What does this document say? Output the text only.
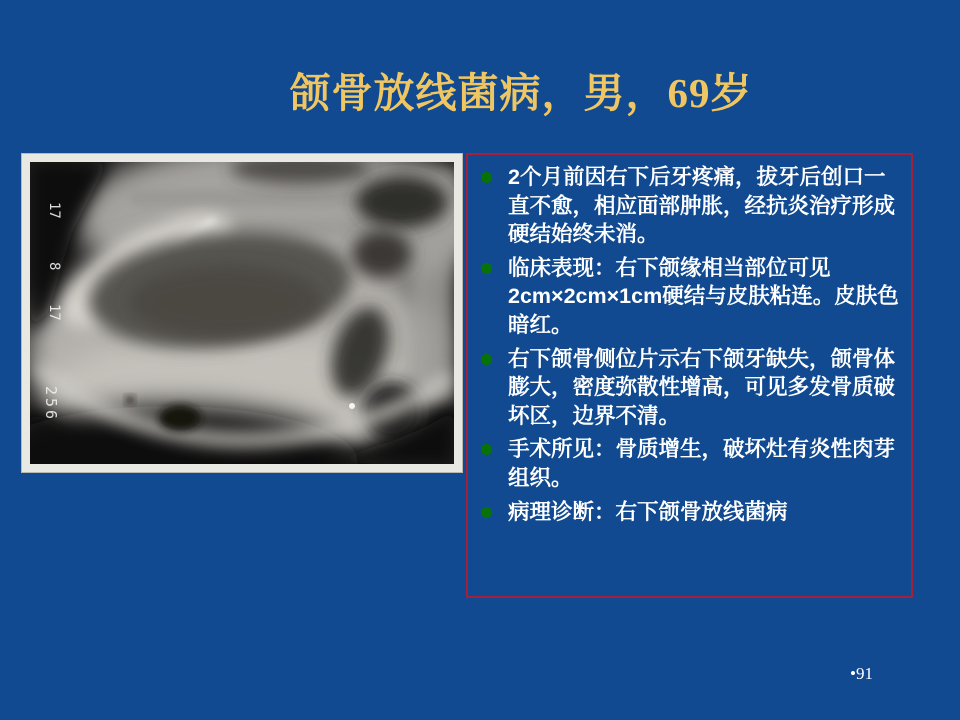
颌骨放线菌病，男，69岁
17
8
17
256
2个月前因右下后牙疼痛，拔牙后创口一直不愈，相应面部肿胀，经抗炎治疗形成硬结始终未消。
临床表现：右下颌缘相当部位可见2cm×2cm×1cm硬结与皮肤粘连。皮肤色暗红。
右下颌骨侧位片示右下颌牙缺失，颌骨体膨大，密度弥散性增高，可见多发骨质破坏区，边界不清。
手术所见：骨质增生，破坏灶有炎性肉芽组织。
病理诊断：右下颌骨放线菌病
•91
